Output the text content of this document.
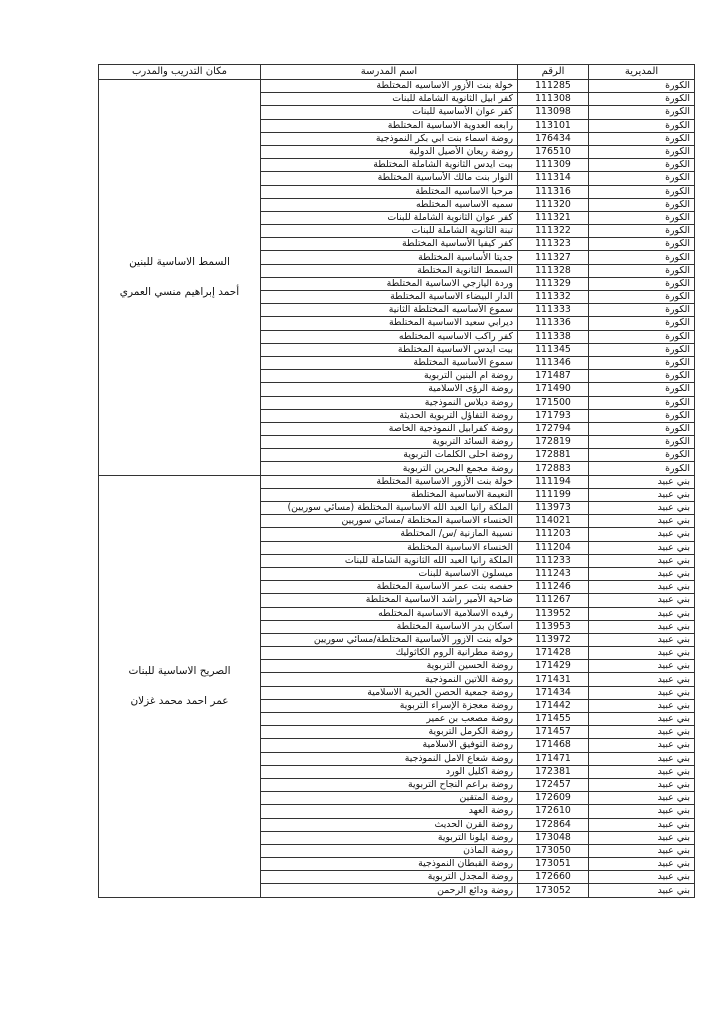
المديرية	الرقم	اسم المدرسة	مكان التدريب والمدرب
الكورة	111285	خولة بنت الأزور الاساسيه المختلطة	السمط الاساسية للبنين
أحمد إبراهيم منسي العمري

الكورة	111308	كفر ابيل الثانوية الشاملة للبنات	
الكورة	113098	كفر عوان الأساسية للبنات	
الكورة	113101	رابعه العدوية الاساسية المختلطة	
الكورة	176434	روضة اسماء بنت ابي بكر النموذجية	
الكورة	176510	روضة ريعان الأصيل الدولية	
الكورة	111309	بيت ايدس الثانوية الشاملة المختلطة	
الكورة	111314	النوار بنت مالك الأساسية المختلطة	
الكورة	111316	مرحبا الاساسيه المختلطة	
الكورة	111320	سميه الاساسيه المختلطه	
الكورة	111321	كفر عوان الثانوية الشاملة للبنات	
الكورة	111322	تبنة الثانوية الشاملة للبنات	
الكورة	111323	كفر كيفيا الأساسية المختلطة	
الكورة	111327	جديتا الأساسية المختلطة	
الكورة	111328	السمط الثانوية المختلطة	
الكورة	111329	وردة اليازجي الاساسية المختلطة	
الكورة	111332	الدار البيضاء الاساسية المختلطة	
الكورة	111333	سموع الأساسيه المختلطة الثانية	
الكورة	111336	ديرابي سعيد الاساسية المختلطة	
الكورة	111338	كفر راكب الاساسيه المختلطه	
الكورة	111345	بيت ايدس الاساسية المختلطة	
الكورة	111346	سموع الأساسية المختلطة	
الكورة	171487	روضة ام البنين التربوية	
الكورة	171490	روضة الرؤى الاسلامية	
الكورة	171500	روضة ديلاس النموذجية	
الكورة	171793	روضة التفاؤل التربوية الحديثة	
الكورة	172794	روضة كفرابيل النموذجية الخاصة	
الكورة	172819	روضة السائد التربوية	
الكورة	172881	روضة احلى الكلمات التربوية	
الكورة	172883	روضة مجمع البحرين التربوية	
بني عبيد	111194	خولة بنت الأزور الاساسية المختلطة	الصريح الاساسية للبنات
عمر احمد محمد غزلان

بني عبيد	111199	النعيمة الاساسية المختلطة	
بني عبيد	113973	الملكة رانيا العبد الله الاساسية المختلطة (مسائي سوريين)	
بني عبيد	114021	الخنساء الاساسية المختلطة /مسائي سوريين	
بني عبيد	111203	نسيبة المازنية /س/ المختلطة	
بني عبيد	111204	الخنساء الاساسية المختلطة	
بني عبيد	111233	الملكة رانيا العبد الله الثانوية الشاملة للبنات	
بني عبيد	111243	ميسلون الاساسية للبنات	
بني عبيد	111246	حفصه بنت عمر الاساسية المختلطة	
بني عبيد	111267	ضاحية الأمير راشد الاساسية المختلطة	
بني عبيد	113952	رفيده الاسلامية الاساسية المختلطه	
بني عبيد	113953	اسكان بدر الاساسية المختلطة	
بني عبيد	113972	خوله بنت الازور الأساسية المختلطة/مسائي سوريين	
بني عبيد	171428	روضة مطرانية الروم الكاثوليك	
بني عبيد	171429	روضة الحسين التربوية	
بني عبيد	171431	روضة اللاتين النموذجية	
بني عبيد	171434	روضة جمعية الحصن الخيرية الاسلامية	
بني عبيد	171442	روضة معجزة الإسراء التربوية	
بني عبيد	171455	روضة مصعب بن عمير	
بني عبيد	171457	روضة الكرمل التربوية	
بني عبيد	171468	روضة التوفيق الاسلامية	
بني عبيد	171471	روضة شعاع الامل النموذجية	
بني عبيد	172381	روضة اكليل الورد	
بني عبيد	172457	روضة براعم النجاح التربوية	
بني عبيد	172609	روضة المتقين	
بني عبيد	172610	روضة العهد	
بني عبيد	172864	روضة القرن الحديث	
بني عبيد	173048	روضة ايلونا التربوية	
بني عبيد	173050	روضة الماذن	
بني عبيد	173051	روضة القبطان النموذجية	
بني عبيد	172660	روضة المجدل التربوية	
بني عبيد	173052	روضة ودائع الرحمن	
